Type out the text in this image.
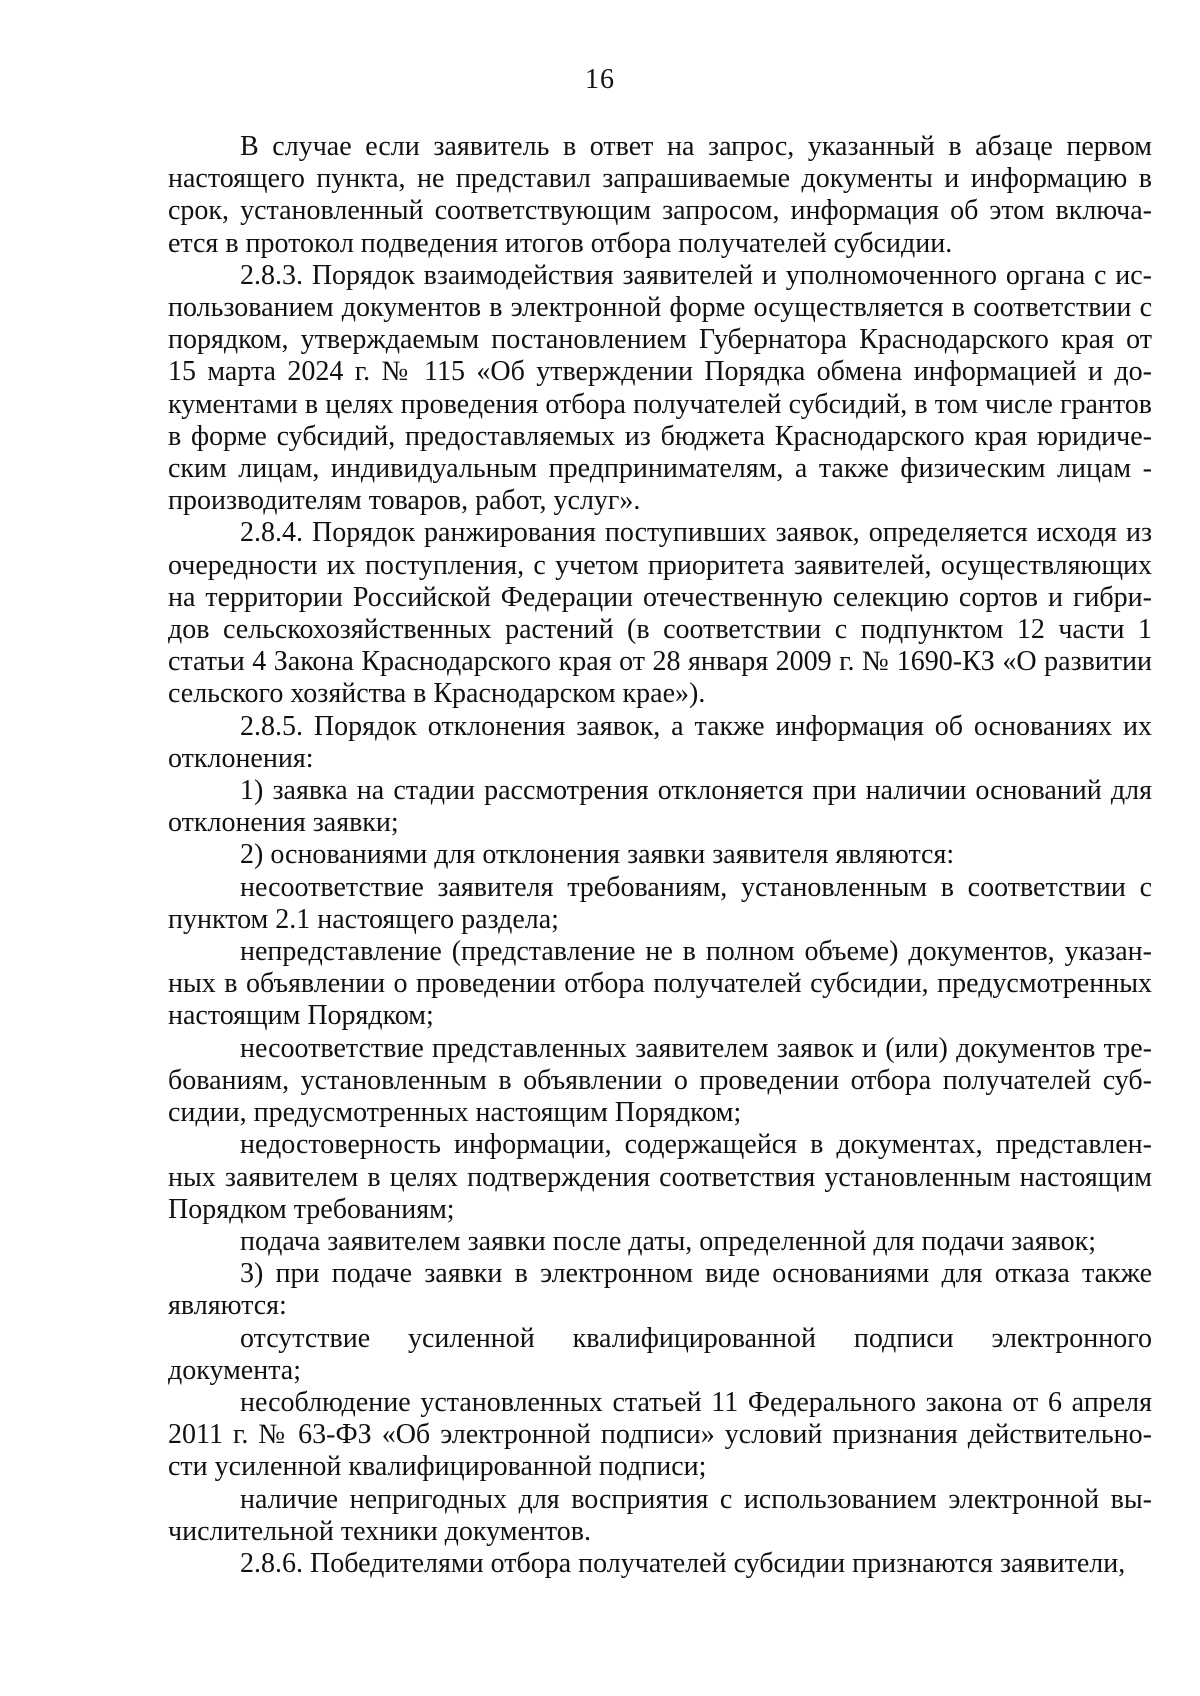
16

В случае если заявитель в ответ на запрос, указанный в абзаце первом настоящего пункта, не представил запрашиваемые документы и информацию в срок, установленный соответствующим запросом, информация об этом включается в протокол подведения итогов отбора получателей субсидии.

2.8.3. Порядок взаимодействия заявителей и уполномоченного органа с использованием документов в электронной форме осуществляется в соответствии с порядком, утверждаемым постановлением Губернатора Краснодарского края от 15 марта 2024 г. № 115 «Об утверждении Порядка обмена информацией и документами в целях проведения отбора получателей субсидий, в том числе грантов в форме субсидий, предоставляемых из бюджета Краснодарского края юридическим лицам, индивидуальным предпринимателям, а также физическим лицам - производителям товаров, работ, услуг».

2.8.4. Порядок ранжирования поступивших заявок, определяется исходя из очередности их поступления, с учетом приоритета заявителей, осуществляющих на территории Российской Федерации отечественную селекцию сортов и гибридов сельскохозяйственных растений (в соответствии с подпунктом 12 части 1 статьи 4 Закона Краснодарского края от 28 января 2009 г. № 1690-КЗ «О развитии сельского хозяйства в Краснодарском крае»).

2.8.5. Порядок отклонения заявок, а также информация об основаниях их отклонения:

1) заявка на стадии рассмотрения отклоняется при наличии оснований для отклонения заявки;

2) основаниями для отклонения заявки заявителя являются:

несоответствие заявителя требованиям, установленным в соответствии с пунктом 2.1 настоящего раздела;

непредставление (представление не в полном объеме) документов, указанных в объявлении о проведении отбора получателей субсидии, предусмотренных настоящим Порядком;

несоответствие представленных заявителем заявок и (или) документов требованиям, установленным в объявлении о проведении отбора получателей субсидии, предусмотренных настоящим Порядком;

недостоверность информации, содержащейся в документах, представленных заявителем в целях подтверждения соответствия установленным настоящим Порядком требованиям;

подача заявителем заявки после даты, определенной для подачи заявок;

3) при подаче заявки в электронном виде основаниями для отказа также являются:

отсутствие усиленной квалифицированной подписи электронного документа;

несоблюдение установленных статьей 11 Федерального закона от 6 апреля 2011 г. № 63-ФЗ «Об электронной подписи» условий признания действительности усиленной квалифицированной подписи;

наличие непригодных для восприятия с использованием электронной вычислительной техники документов.

2.8.6. Победителями отбора получателей субсидии признаются заявители,
